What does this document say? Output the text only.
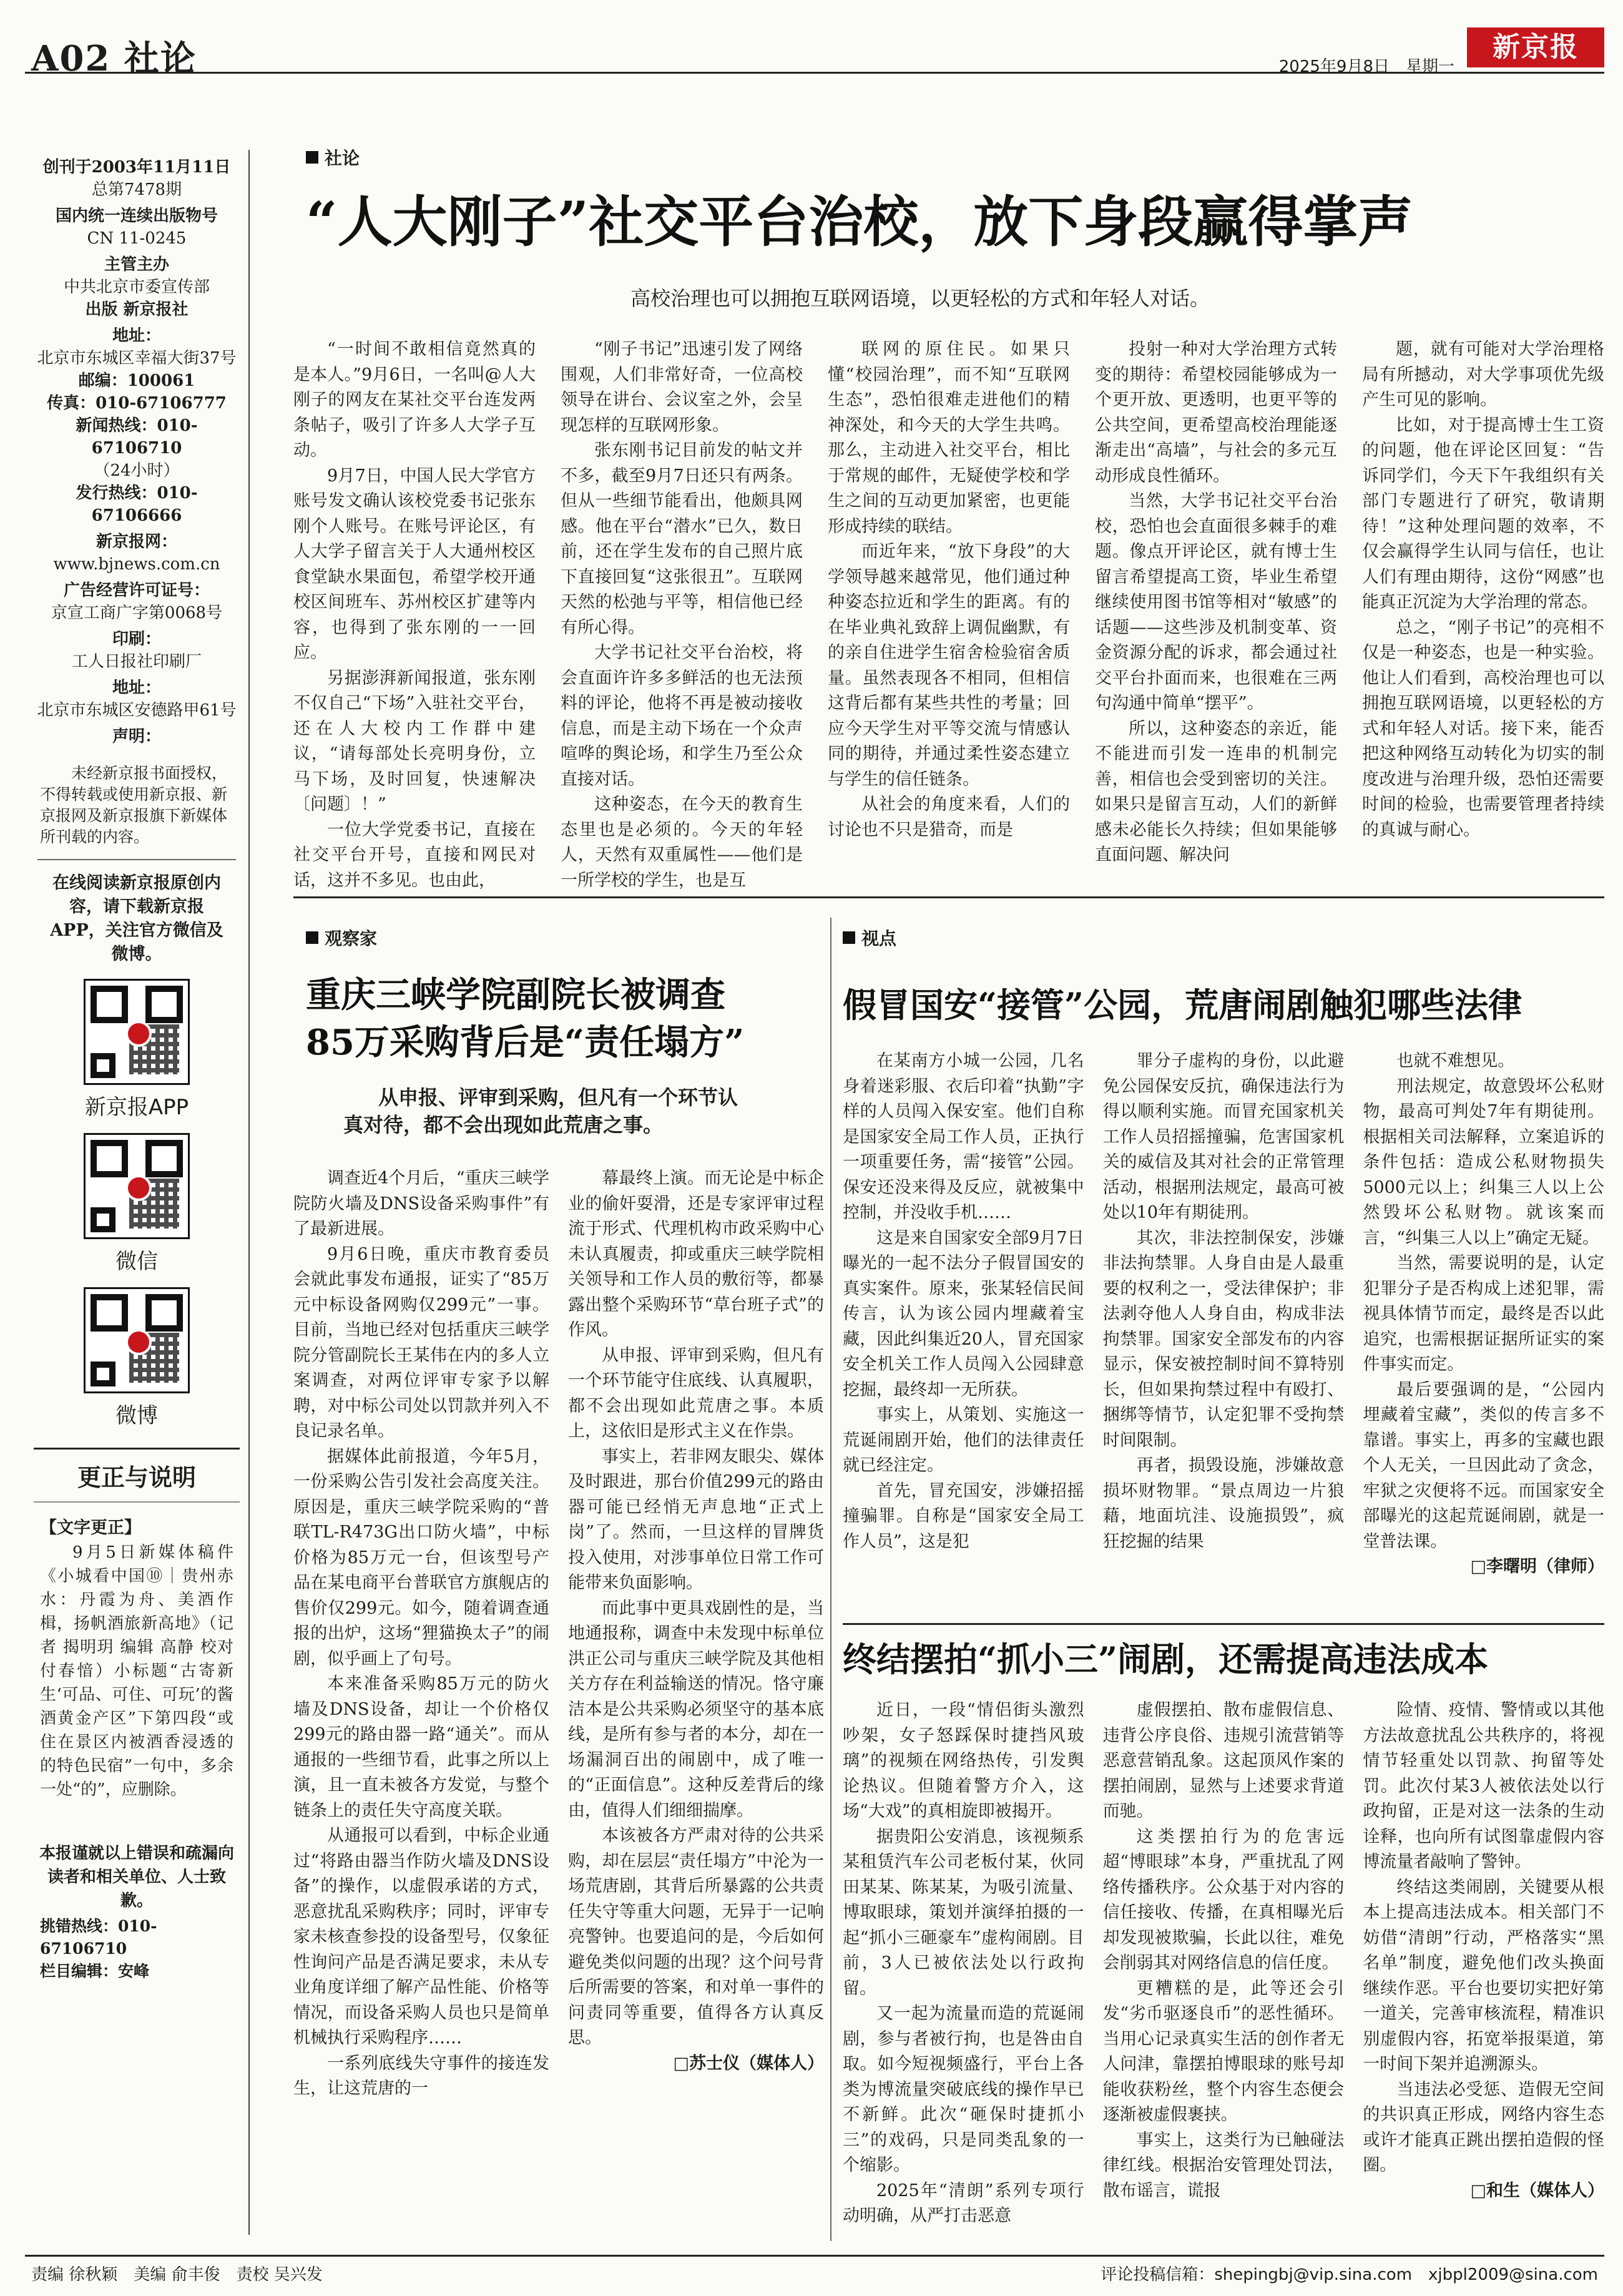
A02 社论	2025年9月8日　星期一
新京报
创刊于2003年11月11日
总第7478期
国内统一连续出版物号
CN 11-0245
主管主办
中共北京市委宣传部
出版 新京报社
地址：
北京市东城区幸福大街37号
邮编：100061
传真：010-67106777
新闻热线：010-67106710
（24小时）
发行热线：010-67106666
新京报网：
www.bjnews.com.cn
广告经营许可证号：
京宣工商广字第0068号
印刷：
工人日报社印刷厂
地址：
北京市东城区安德路甲61号
声明：

未经新京报书面授权，不得转载或使用新京报、新京报网及新京报旗下新媒体所刊载的内容。

在线阅读新京报原创内容，请下载新京报APP，关注官方微信及微博。
新京报APP
微信
微博
更正与说明
【文字更正】

9月5日新媒体稿件《小城看中国⑩｜贵州赤水：丹霞为舟、美酒作楫，扬帆酒旅新高地》（记者 揭明玥 编辑 高静 校对 付春愔）小标题“古寄新生‘可品、可住、可玩’的酱酒黄金产区”下第四段“或住在景区内被酒香浸透的的特色民宿”一句中，多余一处“的”，应删除。

本报谨就以上错误和疏漏向读者和相关单位、人士致歉。
挑错热线：010-67106710
栏目编辑：安峰
社论
“人大刚子”社交平台治校，放下身段赢得掌声
高校治理也可以拥抱互联网语境，以更轻松的方式和年轻人对话。

“一时间不敢相信竟然真的是本人。”9月6日，一名叫@人大刚子的网友在某社交平台连发两条帖子，吸引了许多人大学子互动。

9月7日，中国人民大学官方账号发文确认该校党委书记张东刚个人账号。在账号评论区，有人大学子留言关于人大通州校区食堂缺水果面包，希望学校开通校区间班车、苏州校区扩建等内容，也得到了张东刚的一一回应。

另据澎湃新闻报道，张东刚不仅自己“下场”入驻社交平台，还在人大校内工作群中建议，“请每部处长亮明身份，立马下场，及时回复，快速解决〔问题〕！”

一位大学党委书记，直接在社交平台开号，直接和网民对话，这并不多见。也由此，

“刚子书记”迅速引发了网络围观，人们非常好奇，一位高校领导在讲台、会议室之外，会呈现怎样的互联网形象。

张东刚书记目前发的帖文并不多，截至9月7日还只有两条。但从一些细节能看出，他颇具网感。他在平台“潜水”已久，数日前，还在学生发布的自己照片底下直接回复“这张很丑”。互联网天然的松弛与平等，相信他已经有所心得。

大学书记社交平台治校，将会直面许许多多鲜活的也无法预料的评论，他将不再是被动接收信息，而是主动下场在一个众声喧哗的舆论场，和学生乃至公众直接对话。

这种姿态，在今天的教育生态里也是必须的。今天的年轻人，天然有双重属性——他们是一所学校的学生，也是互

联网的原住民。如果只懂“校园治理”，而不知“互联网生态”，恐怕很难走进他们的精神深处，和今天的大学生共鸣。那么，主动进入社交平台，相比于常规的邮件，无疑使学校和学生之间的互动更加紧密，也更能形成持续的联结。

而近年来，“放下身段”的大学领导越来越常见，他们通过种种姿态拉近和学生的距离。有的在毕业典礼致辞上调侃幽默，有的亲自住进学生宿舍检验宿舍质量。虽然表现各不相同，但相信这背后都有某些共性的考量；回应今天学生对平等交流与情感认同的期待，并通过柔性姿态建立与学生的信任链条。

从社会的角度来看，人们的讨论也不只是猎奇，而是

投射一种对大学治理方式转变的期待：希望校园能够成为一个更开放、更透明，也更平等的公共空间，更希望高校治理能逐渐走出“高墙”，与社会的多元互动形成良性循环。

当然，大学书记社交平台治校，恐怕也会直面很多棘手的难题。像点开评论区，就有博士生留言希望提高工资，毕业生希望继续使用图书馆等相对“敏感”的话题——这些涉及机制变革、资金资源分配的诉求，都会通过社交平台扑面而来，也很难在三两句沟通中简单“摆平”。

所以，这种姿态的亲近，能不能进而引发一连串的机制完善，相信也会受到密切的关注。如果只是留言互动，人们的新鲜感未必能长久持续；但如果能够直面问题、解决问

题，就有可能对大学治理格局有所撼动，对大学事项优先级产生可见的影响。

比如，对于提高博士生工资的问题，他在评论区回复：“告诉同学们，今天下午我组织有关部门专题进行了研究，敬请期待！”这种处理问题的效率，不仅会赢得学生认同与信任，也让人们有理由期待，这份“网感”也能真正沉淀为大学治理的常态。

总之，“刚子书记”的亮相不仅是一种姿态，也是一种实验。他让人们看到，高校治理也可以拥抱互联网语境，以更轻松的方式和年轻人对话。接下来，能否把这种网络互动转化为切实的制度改进与治理升级，恐怕还需要时间的检验，也需要管理者持续的真诚与耐心。

观察家
重庆三峡学院副院长被调查
85万采购背后是“责任塌方”
从申报、评审到采购，但凡有一个环节认
真对待，都不会出现如此荒唐之事。

调查近4个月后，“重庆三峡学院防火墙及DNS设备采购事件”有了最新进展。

9月6日晚，重庆市教育委员会就此事发布通报，证实了“85万元中标设备网购仅299元”一事。目前，当地已经对包括重庆三峡学院分管副院长王某伟在内的多人立案调查，对两位评审专家予以解聘，对中标公司处以罚款并列入不良记录名单。

据媒体此前报道，今年5月，一份采购公告引发社会高度关注。原因是，重庆三峡学院采购的“普联TL-R473G出口防火墙”，中标价格为85万元一台，但该型号产品在某电商平台普联官方旗舰店的售价仅299元。如今，随着调查通报的出炉，这场“狸猫换太子”的闹剧，似乎画上了句号。

本来准备采购85万元的防火墙及DNS设备，却让一个价格仅299元的路由器一路“通关”。而从通报的一些细节看，此事之所以上演，且一直未被各方发觉，与整个链条上的责任失守高度关联。

从通报可以看到，中标企业通过“将路由器当作防火墙及DNS设备”的操作，以虚假承诺的方式，恶意扰乱采购秩序；同时，评审专家未核查参投的设备型号，仅象征性询问产品是否满足要求，未从专业角度详细了解产品性能、价格等情况，而设备采购人员也只是简单机械执行采购程序……

一系列底线失守事件的接连发生，让这荒唐的一

幕最终上演。而无论是中标企业的偷奸耍滑，还是专家评审过程流于形式、代理机构市政采购中心未认真履责，抑或重庆三峡学院相关领导和工作人员的敷衍等，都暴露出整个采购环节“草台班子式”的作风。

从申报、评审到采购，但凡有一个环节能守住底线、认真履职，都不会出现如此荒唐之事。本质上，这依旧是形式主义在作祟。

事实上，若非网友眼尖、媒体及时跟进，那台价值299元的路由器可能已经悄无声息地“正式上岗”了。然而，一旦这样的冒牌货投入使用，对涉事单位日常工作可能带来负面影响。

而此事中更具戏剧性的是，当地通报称，调查中未发现中标单位洪正公司与重庆三峡学院及其他相关方存在利益输送的情况。恪守廉洁本是公共采购必须坚守的基本底线，是所有参与者的本分，却在一场漏洞百出的闹剧中，成了唯一的“正面信息”。这种反差背后的缘由，值得人们细细揣摩。

本该被各方严肃对待的公共采购，却在层层“责任塌方”中沦为一场荒唐剧，其背后所暴露的公共责任失守等重大问题，无异于一记响亮警钟。也要追问的是，今后如何避免类似问题的出现？这个问号背后所需要的答案，和对单一事件的问责同等重要，值得各方认真反思。

□苏士仪（媒体人）

视点
假冒国安“接管”公园，荒唐闹剧触犯哪些法律

在某南方小城一公园，几名身着迷彩服、衣后印着“执勤”字样的人员闯入保安室。他们自称是国家安全局工作人员，正执行一项重要任务，需“接管”公园。保安还没来得及反应，就被集中控制，并没收手机……

这是来自国家安全部9月7日曝光的一起不法分子假冒国安的真实案件。原来，张某轻信民间传言，认为该公园内埋藏着宝藏，因此纠集近20人，冒充国家安全机关工作人员闯入公园肆意挖掘，最终却一无所获。

事实上，从策划、实施这一荒诞闹剧开始，他们的法律责任就已经注定。

首先，冒充国安，涉嫌招摇撞骗罪。自称是“国家安全局工作人员”，这是犯

罪分子虚构的身份，以此避免公园保安反抗，确保违法行为得以顺利实施。而冒充国家机关工作人员招摇撞骗，危害国家机关的威信及其对社会的正常管理活动，根据刑法规定，最高可被处以10年有期徒刑。

其次，非法控制保安，涉嫌非法拘禁罪。人身自由是人最重要的权利之一，受法律保护；非法剥夺他人人身自由，构成非法拘禁罪。国家安全部发布的内容显示，保安被控制时间不算特别长，但如果拘禁过程中有殴打、捆绑等情节，认定犯罪不受拘禁时间限制。

再者，损毁设施，涉嫌故意损坏财物罪。“景点周边一片狼藉，地面坑洼、设施损毁”，疯狂挖掘的结果

也就不难想见。

刑法规定，故意毁坏公私财物，最高可判处7年有期徒刑。根据相关司法解释，立案追诉的条件包括：造成公私财物损失5000元以上；纠集三人以上公然毁坏公私财物。就该案而言，“纠集三人以上”确定无疑。

当然，需要说明的是，认定犯罪分子是否构成上述犯罪，需视具体情节而定，最终是否以此追究，也需根据证据所证实的案件事实而定。

最后要强调的是，“公园内埋藏着宝藏”，类似的传言多不靠谱。事实上，再多的宝藏也跟个人无关，一旦因此动了贪念，牢狱之灾便将不远。而国家安全部曝光的这起荒诞闹剧，就是一堂普法课。

□李曙明（律师）

终结摆拍“抓小三”闹剧，还需提高违法成本

近日，一段“情侣街头激烈吵架，女子怒踩保时捷挡风玻璃”的视频在网络热传，引发舆论热议。但随着警方介入，这场“大戏”的真相旋即被揭开。

据贵阳公安消息，该视频系某租赁汽车公司老板付某，伙同田某某、陈某某，为吸引流量、博取眼球，策划并演绎拍摄的一起“抓小三砸豪车”虚构闹剧。目前，3人已被依法处以行政拘留。

又一起为流量而造的荒诞闹剧，参与者被行拘，也是咎由自取。如今短视频盛行，平台上各类为博流量突破底线的操作早已不新鲜。此次“砸保时捷抓小三”的戏码，只是同类乱象的一个缩影。

2025年“清朗”系列专项行动明确，从严打击恶意

虚假摆拍、散布虚假信息、违背公序良俗、违规引流营销等恶意营销乱象。这起顶风作案的摆拍闹剧，显然与上述要求背道而驰。

这类摆拍行为的危害远超“博眼球”本身，严重扰乱了网络传播秩序。公众基于对内容的信任接收、传播，在真相曝光后却发现被欺骗，长此以往，难免会削弱其对网络信息的信任度。

更糟糕的是，此等还会引发“劣币驱逐良币”的恶性循环。当用心记录真实生活的创作者无人问津，靠摆拍博眼球的账号却能收获粉丝，整个内容生态便会逐渐被虚假裹挟。

事实上，这类行为已触碰法律红线。根据治安管理处罚法，散布谣言，谎报

险情、疫情、警情或以其他方法故意扰乱公共秩序的，将视情节轻重处以罚款、拘留等处罚。此次付某3人被依法处以行政拘留，正是对这一法条的生动诠释，也向所有试图靠虚假内容博流量者敲响了警钟。

终结这类闹剧，关键要从根本上提高违法成本。相关部门不妨借“清朗”行动，严格落实“黑名单”制度，避免他们改头换面继续作恶。平台也要切实把好第一道关，完善审核流程，精准识别虚假内容，拓宽举报渠道，第一时间下架并追溯源头。

当违法必受惩、造假无空间的共识真正形成，网络内容生态或许才能真正跳出摆拍造假的怪圈。

□和生（媒体人）

责编 徐秋颖　美编 俞丰俊　责校 吴兴发	评论投稿信箱：shepingbj@vip.sina.com　xjbpl2009@sina.com
